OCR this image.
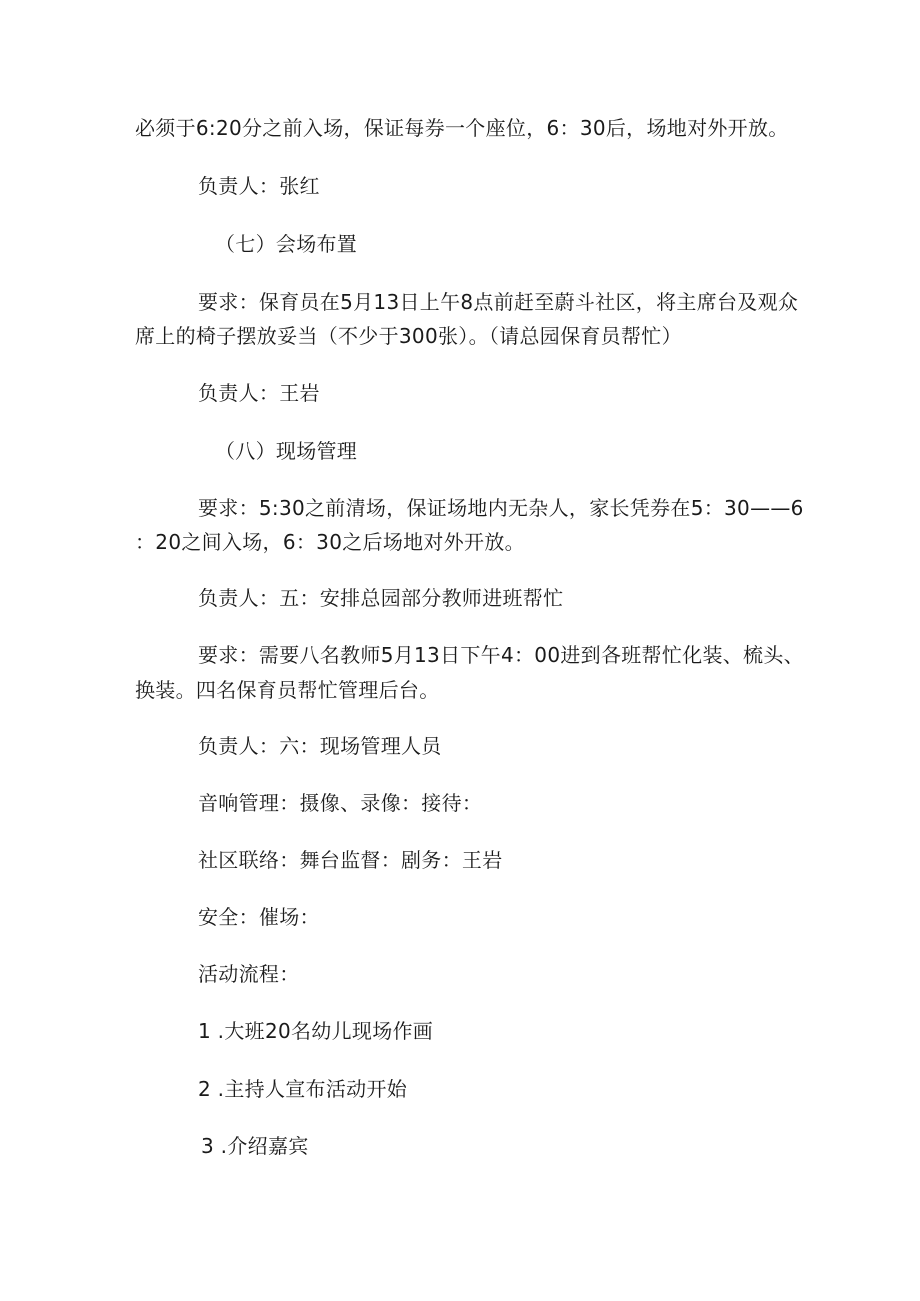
必须于6:20分之前入场，保证每券一个座位，6：30后，场地对外开放。
负责人：张红
（七）会场布置
要求：保育员在5月13日上午8点前赶至蔚斗社区，将主席台及观众
席上的椅子摆放妥当（不少于300张）。（请总园保育员帮忙）
负责人：王岩
（八）现场管理
要求：5:30之前清场，保证场地内无杂人，家长凭券在5：30——6
：20之间入场，6：30之后场地对外开放。
负责人：五：安排总园部分教师进班帮忙
要求：需要八名教师5月13日下午4：00进到各班帮忙化装、梳头、
换装。四名保育员帮忙管理后台。
负责人：六：现场管理人员
音响管理：摄像、录像：接待：
社区联络：舞台监督：剧务：王岩
安全：催场：
活动流程：
1 .大班20名幼儿现场作画
2 .主持人宣布活动开始
3 .介绍嘉宾
